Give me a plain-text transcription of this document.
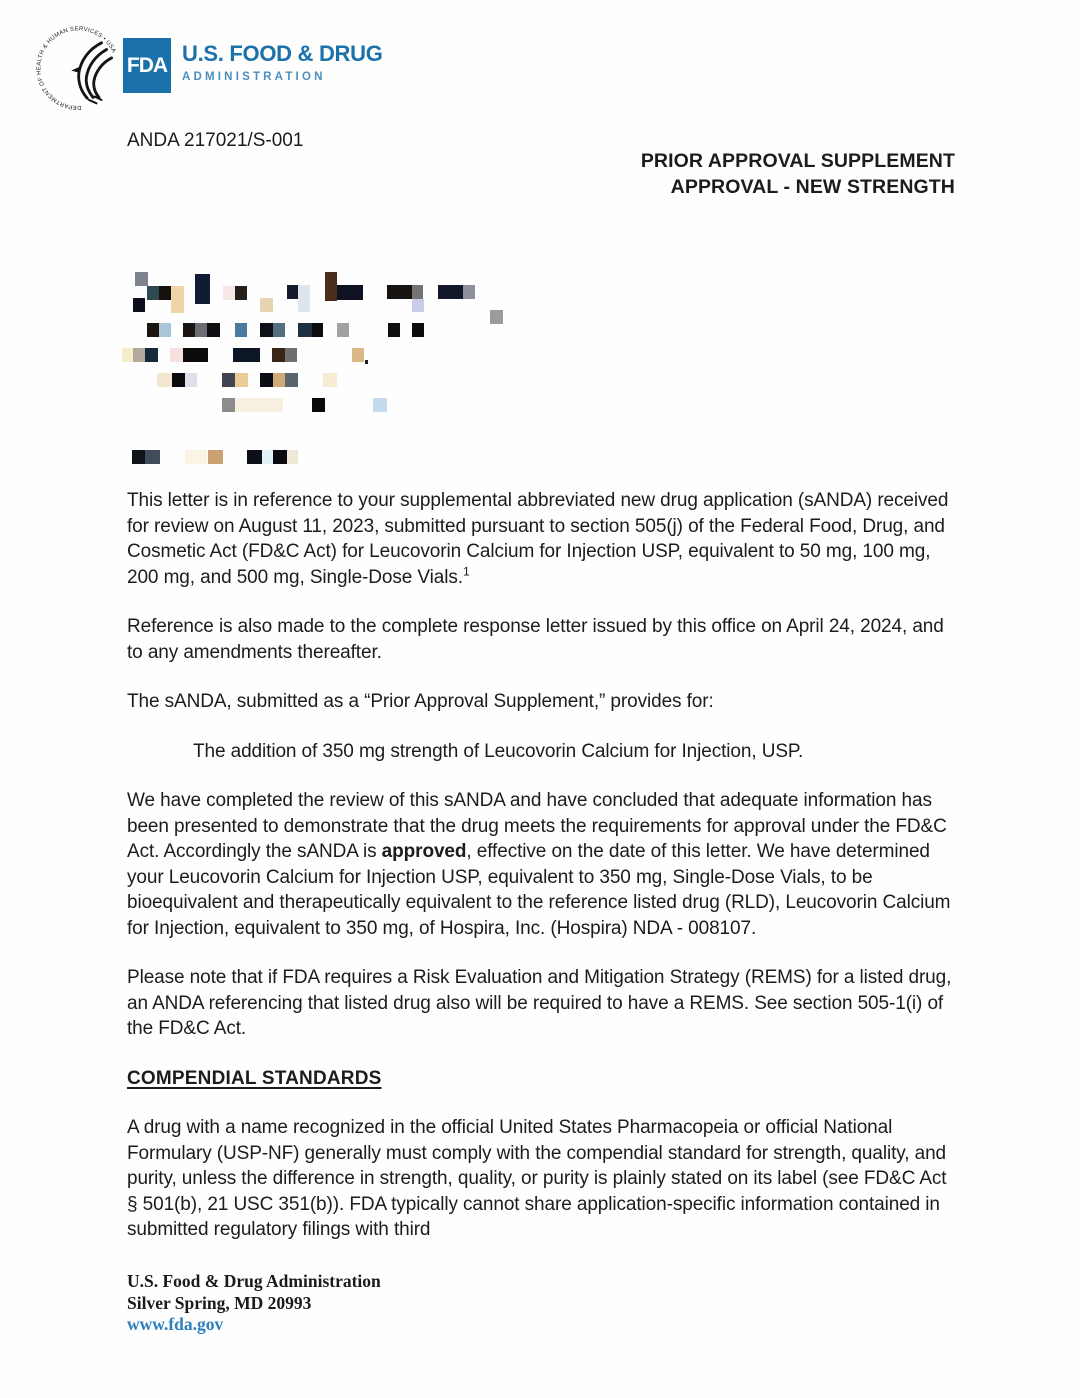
DEPARTMENT OF HEALTH & HUMAN SERVICES • USA
FDA U.S. FOOD & DRUG
ADMINISTRATION
ANDA 217021/S-001
PRIOR APPROVAL SUPPLEMENT
APPROVAL - NEW STRENGTH

This letter is in reference to your supplemental abbreviated new drug application (sANDA) received for review on August 11, 2023, submitted pursuant to section 505(j) of the Federal Food, Drug, and Cosmetic Act (FD&C Act) for Leucovorin Calcium for Injection USP, equivalent to 50 mg, 100 mg, 200 mg, and 500 mg, Single-Dose Vials.$^1$

Reference is also made to the complete response letter issued by this office on April 24, 2024, and to any amendments thereafter.

The sANDA, submitted as a “Prior Approval Supplement,” provides for:

The addition of 350 mg strength of Leucovorin Calcium for Injection, USP.

We have completed the review of this sANDA and have concluded that adequate information has been presented to demonstrate that the drug meets the requirements for approval under the FD&C Act. Accordingly the sANDA is approved, effective on the date of this letter. We have determined your Leucovorin Calcium for Injection USP, equivalent to 350 mg, Single-Dose Vials, to be bioequivalent and therapeutically equivalent to the reference listed drug (RLD), Leucovorin Calcium for Injection, equivalent to 350 mg, of Hospira, Inc. (Hospira) NDA - 008107.

Please note that if FDA requires a Risk Evaluation and Mitigation Strategy (REMS) for a listed drug, an ANDA referencing that listed drug also will be required to have a REMS. See section 505-1(i) of the FD&C Act.

COMPENDIAL STANDARDS

A drug with a name recognized in the official United States Pharmacopeia or official National Formulary (USP-NF) generally must comply with the compendial standard for strength, quality, and purity, unless the difference in strength, quality, or purity is plainly stated on its label (see FD&C Act § 501(b), 21 USC 351(b)). FDA typically cannot share application-specific information contained in submitted regulatory filings with third

U.S. Food & Drug Administration
Silver Spring, MD 20993
www.fda.gov
